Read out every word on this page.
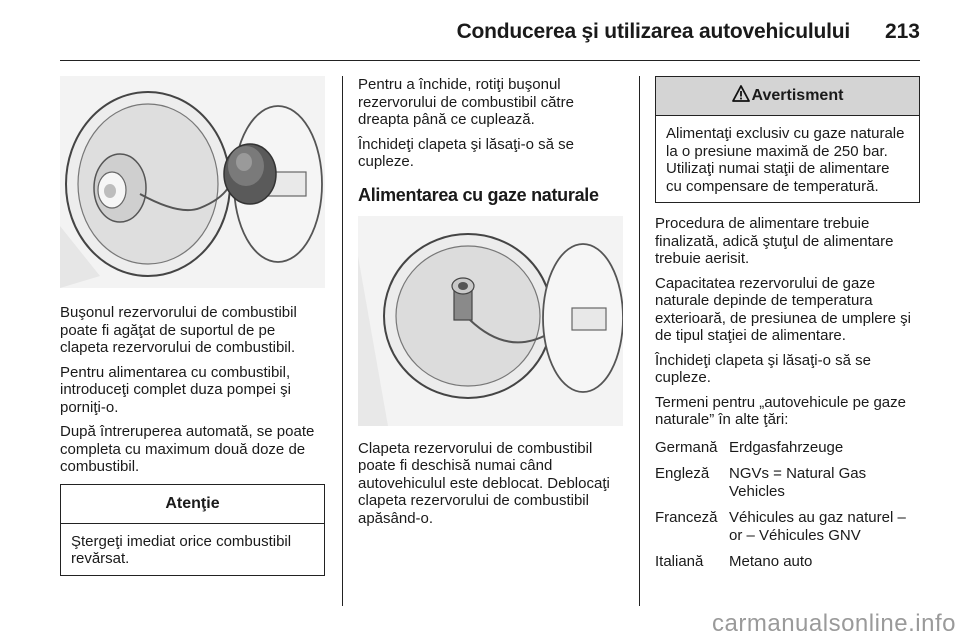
Conducerea şi utilizarea autovehiculului 213

Buşonul rezervorului de combustibil poate fi agăţat de suportul de pe clapeta rezervorului de combustibil.

Pentru alimentarea cu combustibil, introduceţi complet duza pompei şi porniţi-o.

După întreruperea automată, se poate completa cu maximum două doze de combustibil.

Atenţie
Ştergeţi imediat orice combustibil revărsat.

Pentru a închide, rotiţi buşonul rezervorului de combustibil către dreapta până ce cuplează.

Închideţi clapeta şi lăsaţi-o să se cupleze.

Alimentarea cu gaze naturale

Clapeta rezervorului de combustibil poate fi deschisă numai când autovehiculul este deblocat. Deblocaţi clapeta rezervorului de combustibil apăsând-o.

Avertisment
Alimentaţi exclusiv cu gaze naturale la o presiune maximă de 250 bar. Utilizaţi numai staţii de alimentare cu compensare de temperatură.

Procedura de alimentare trebuie finalizată, adică ştuţul de alimentare trebuie aerisit.

Capacitatea rezervorului de gaze naturale depinde de temperatura exterioară, de presiunea de umplere şi de tipul staţiei de alimentare.

Închideţi clapeta şi lăsaţi-o să se cupleze.

Termeni pentru „autovehicule pe gaze naturale” în alte ţări:

Germană Erdgasfahrzeuge
Engleză	NGVs = Natural Gas Vehicles
Franceză Véhicules au gaz naturel – or – Véhicules GNV
Italiană	Metano auto
carmanualsonline.info
